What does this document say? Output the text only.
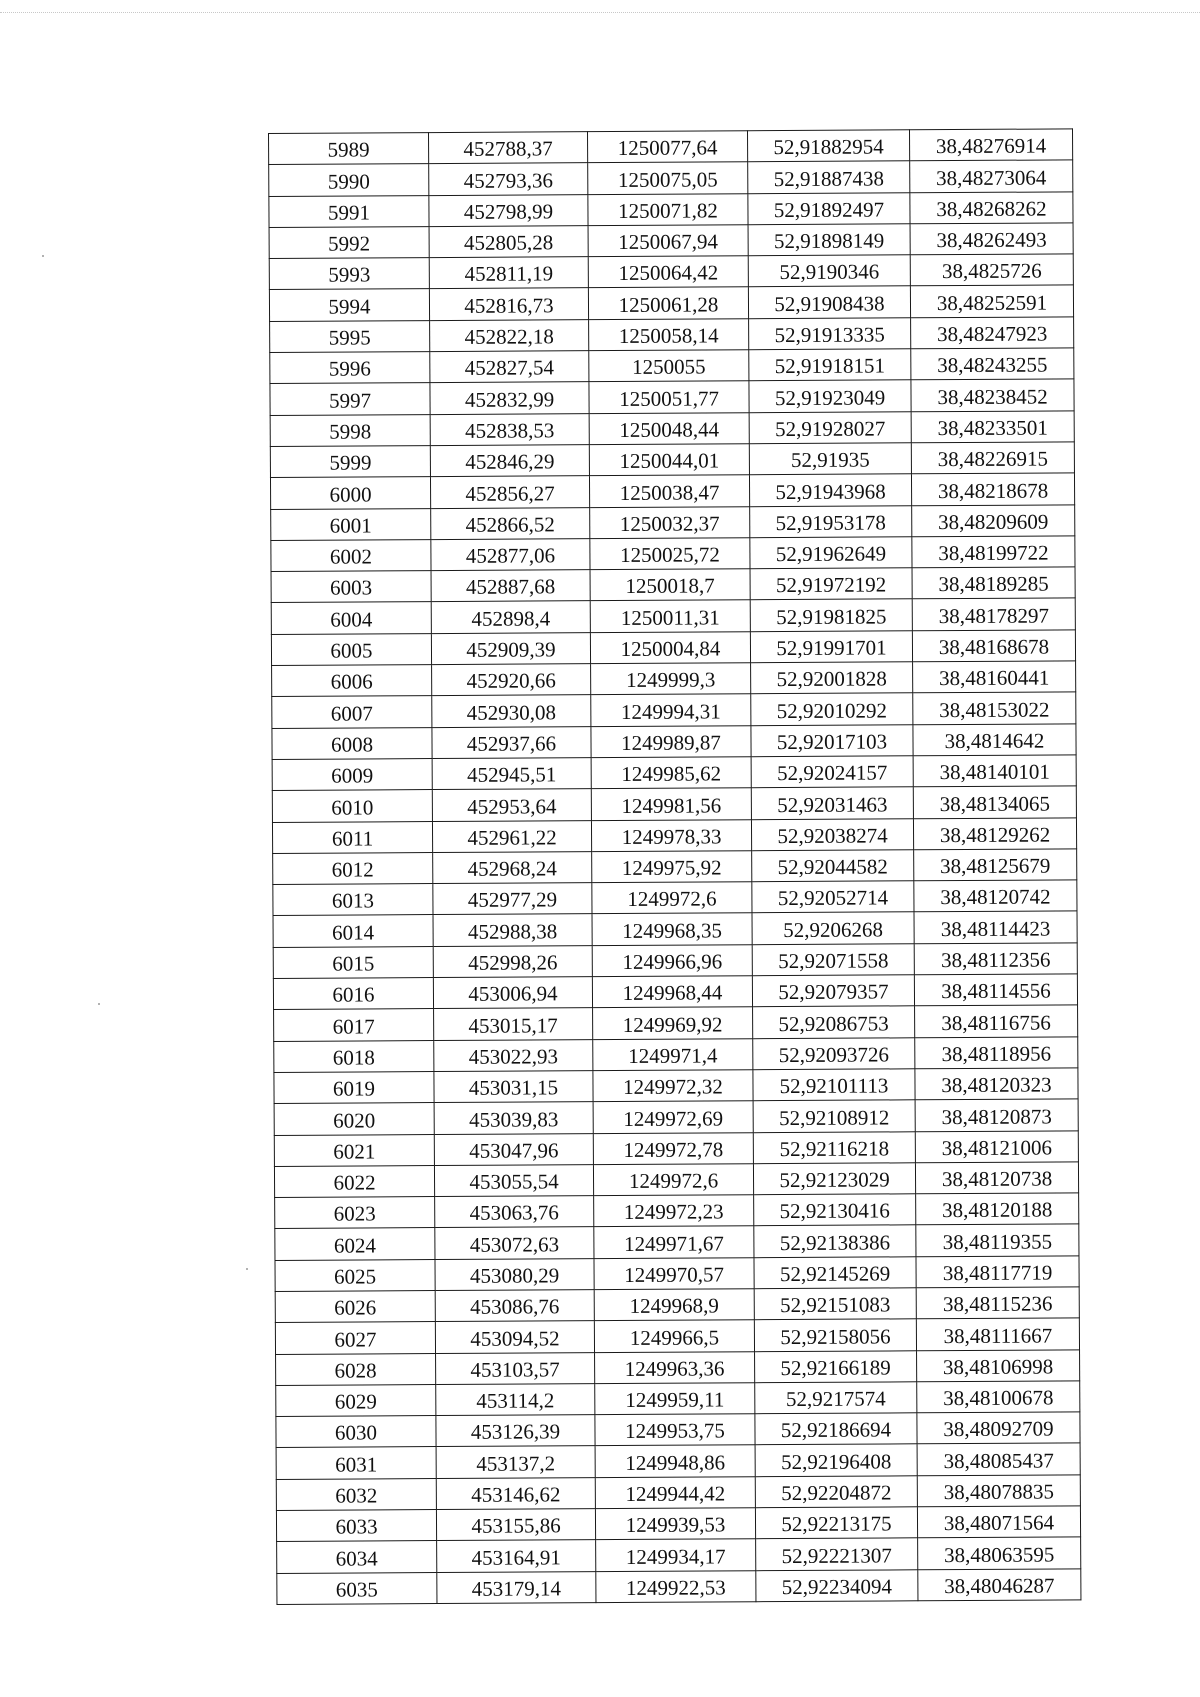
5989	452788,37	1250077,64	52,91882954	38,48276914
5990	452793,36	1250075,05	52,91887438	38,48273064
5991	452798,99	1250071,82	52,91892497	38,48268262
5992	452805,28	1250067,94	52,91898149	38,48262493
5993	452811,19	1250064,42	52,9190346	38,4825726
5994	452816,73	1250061,28	52,91908438	38,48252591
5995	452822,18	1250058,14	52,91913335	38,48247923
5996	452827,54	1250055	52,91918151	38,48243255
5997	452832,99	1250051,77	52,91923049	38,48238452
5998	452838,53	1250048,44	52,91928027	38,48233501
5999	452846,29	1250044,01	52,91935	38,48226915
6000	452856,27	1250038,47	52,91943968	38,48218678
6001	452866,52	1250032,37	52,91953178	38,48209609
6002	452877,06	1250025,72	52,91962649	38,48199722
6003	452887,68	1250018,7	52,91972192	38,48189285
6004	452898,4	1250011,31	52,91981825	38,48178297
6005	452909,39	1250004,84	52,91991701	38,48168678
6006	452920,66	1249999,3	52,92001828	38,48160441
6007	452930,08	1249994,31	52,92010292	38,48153022
6008	452937,66	1249989,87	52,92017103	38,4814642
6009	452945,51	1249985,62	52,92024157	38,48140101
6010	452953,64	1249981,56	52,92031463	38,48134065
6011	452961,22	1249978,33	52,92038274	38,48129262
6012	452968,24	1249975,92	52,92044582	38,48125679
6013	452977,29	1249972,6	52,92052714	38,48120742
6014	452988,38	1249968,35	52,9206268	38,48114423
6015	452998,26	1249966,96	52,92071558	38,48112356
6016	453006,94	1249968,44	52,92079357	38,48114556
6017	453015,17	1249969,92	52,92086753	38,48116756
6018	453022,93	1249971,4	52,92093726	38,48118956
6019	453031,15	1249972,32	52,92101113	38,48120323
6020	453039,83	1249972,69	52,92108912	38,48120873
6021	453047,96	1249972,78	52,92116218	38,48121006
6022	453055,54	1249972,6	52,92123029	38,48120738
6023	453063,76	1249972,23	52,92130416	38,48120188
6024	453072,63	1249971,67	52,92138386	38,48119355
6025	453080,29	1249970,57	52,92145269	38,48117719
6026	453086,76	1249968,9	52,92151083	38,48115236
6027	453094,52	1249966,5	52,92158056	38,48111667
6028	453103,57	1249963,36	52,92166189	38,48106998
6029	453114,2	1249959,11	52,9217574	38,48100678
6030	453126,39	1249953,75	52,92186694	38,48092709
6031	453137,2	1249948,86	52,92196408	38,48085437
6032	453146,62	1249944,42	52,92204872	38,48078835
6033	453155,86	1249939,53	52,92213175	38,48071564
6034	453164,91	1249934,17	52,92221307	38,48063595
6035	453179,14	1249922,53	52,92234094	38,48046287
